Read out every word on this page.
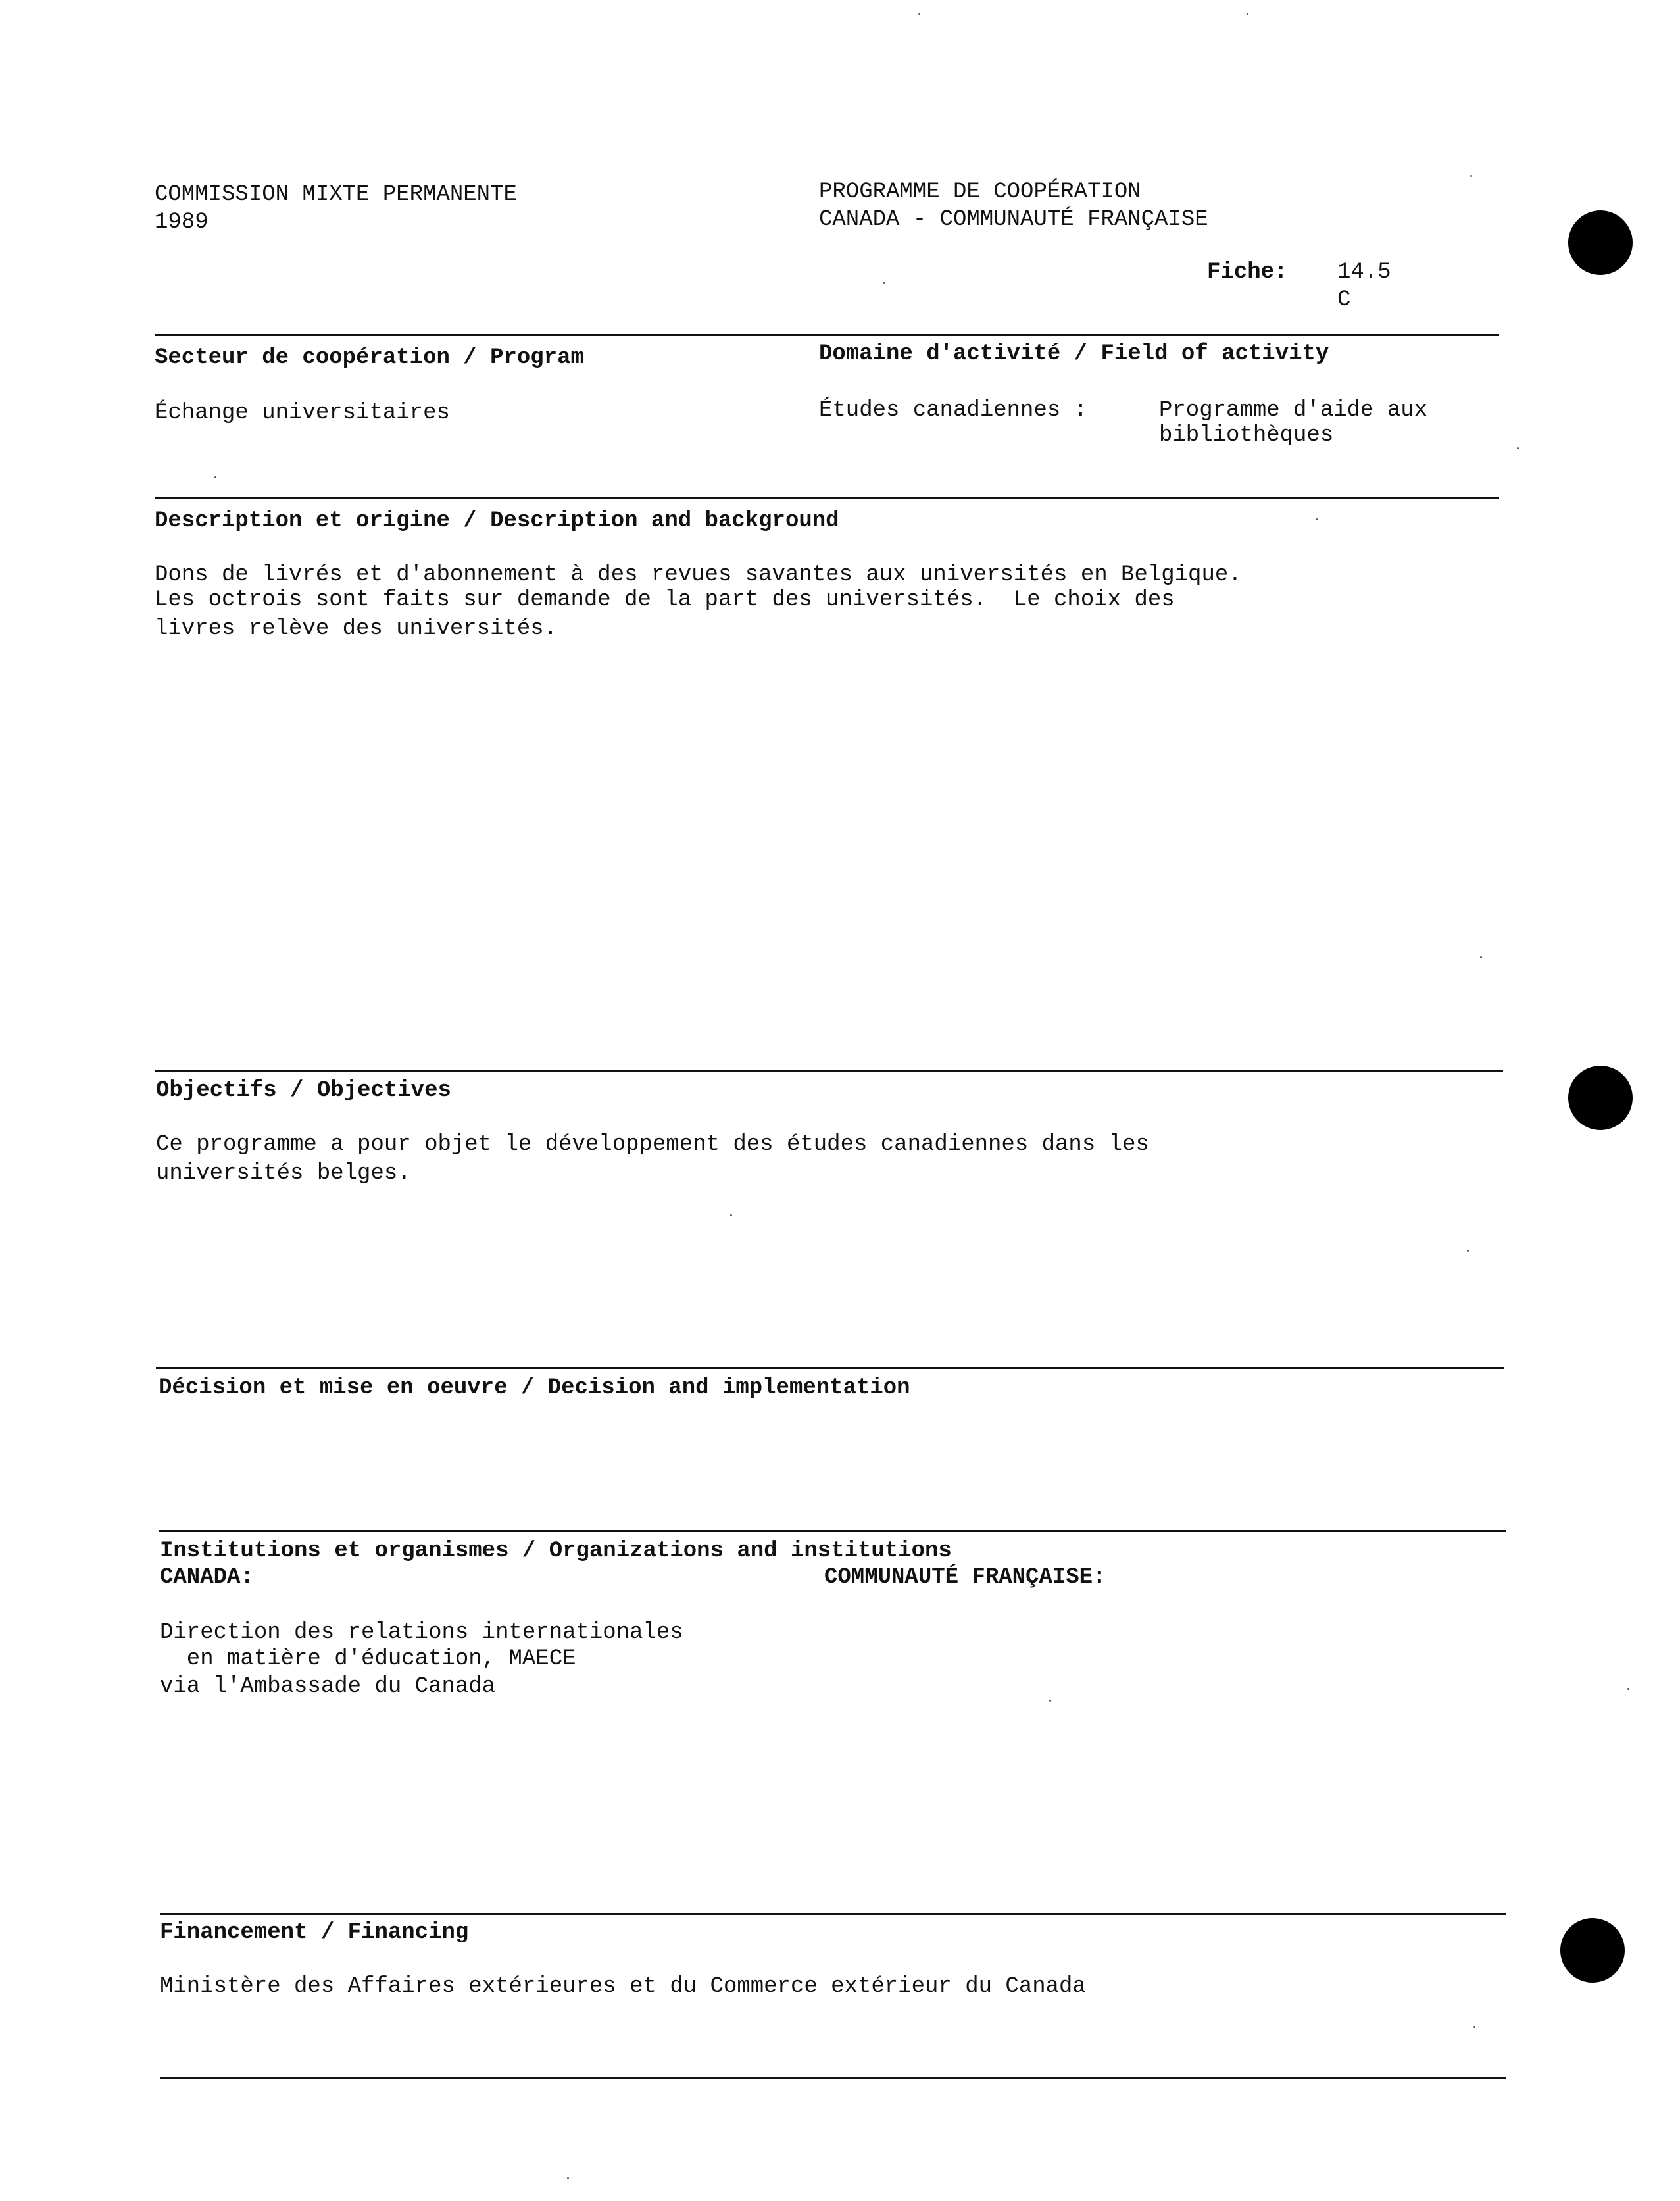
COMMISSION MIXTE PERMANENTE

1989

PROGRAMME DE COOPÉRATION

CANADA - COMMUNAUTÉ FRANÇAISE

Fiche: 14.5

C

Secteur de coopération / Program	Domaine d'activité / Field of activity

Échange universitaires	Études canadiennes :	Programme d'aide aux

bibliothèques

Description et origine / Description and background

Dons de livrés et d'abonnement à des revues savantes aux universités en Belgique.

Les octrois sont faits sur demande de la part des universités.  Le choix des

livres relève des universités.

Objectifs / Objectives

Ce programme a pour objet le développement des études canadiennes dans les

universités belges.

Décision et mise en oeuvre / Decision and implementation

Institutions et organismes / Organizations and institutions

CANADA:	COMMUNAUTÉ FRANÇAISE:

Direction des relations internationales

en matière d'éducation, MAECE

via l'Ambassade du Canada

Financement / Financing

Ministère des Affaires extérieures et du Commerce extérieur du Canada
